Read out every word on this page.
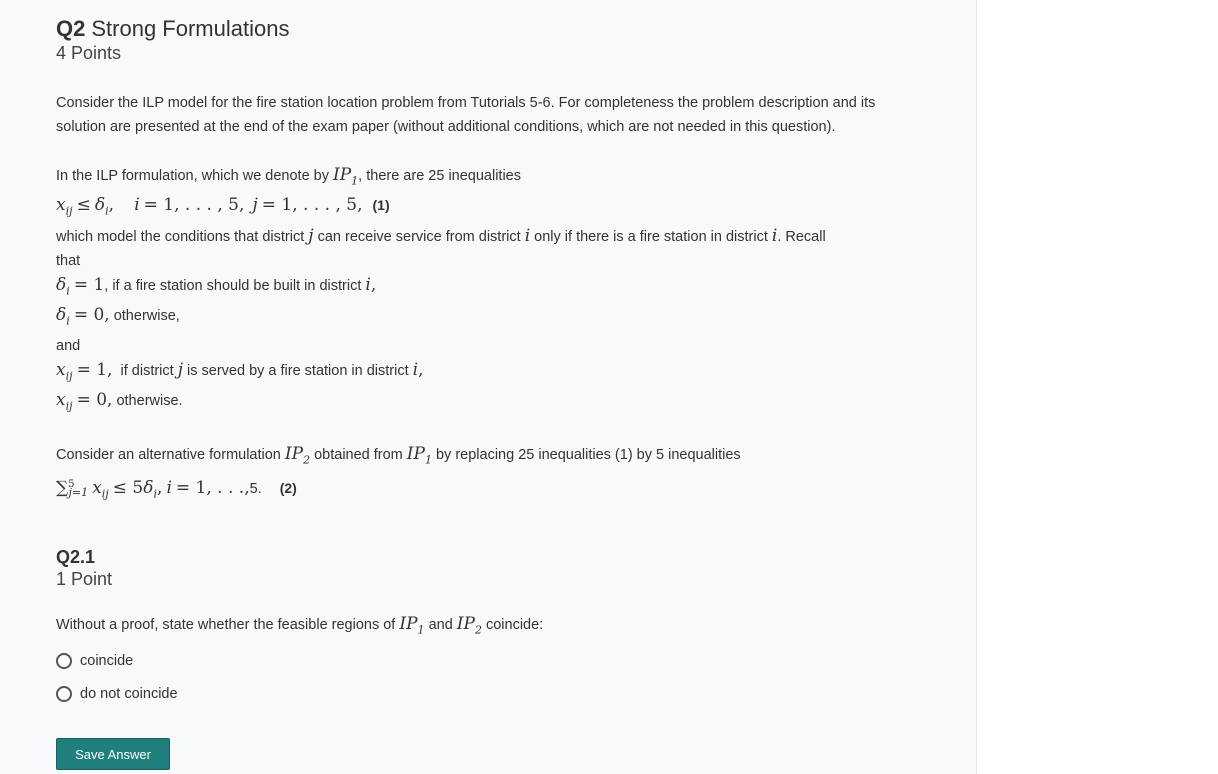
Q2 Strong Formulations

4 Points

Consider the ILP model for the fire station location problem from Tutorials 5-6. For completeness the problem description and its solution are presented at the end of the exam paper (without additional conditions, which are not needed in this question).

In the ILP formulation, which we denote by $IP_1$, there are 25 inequalities

$x_{ij} \le \delta_i$, i = 1, . . . , 5, j = 1, . . . , 5, (1)

which model the conditions that district j can receive service from district i only if there is a fire station in district i. Recall

that

$\delta_i = 1$, if a fire station should be built in district i,

$\delta_i = 0$, otherwise,

and

$x_{ij} = 1$, if district j is served by a fire station in district i,

$x_{ij} = 0$, otherwise.

Consider an alternative formulation $IP_2$ obtained from $IP_1$ by replacing 25 inequalities (1) by 5 inequalities

∑$^5_{j=1}$ $x_{ij} \le 5\delta_i$, i = 1, . . .,5. (2)

Q2.1

1 Point

Without a proof, state whether the feasible regions of $IP_1$ and $IP_2$ coincide:

coincide
do not coincide
Save Answer
